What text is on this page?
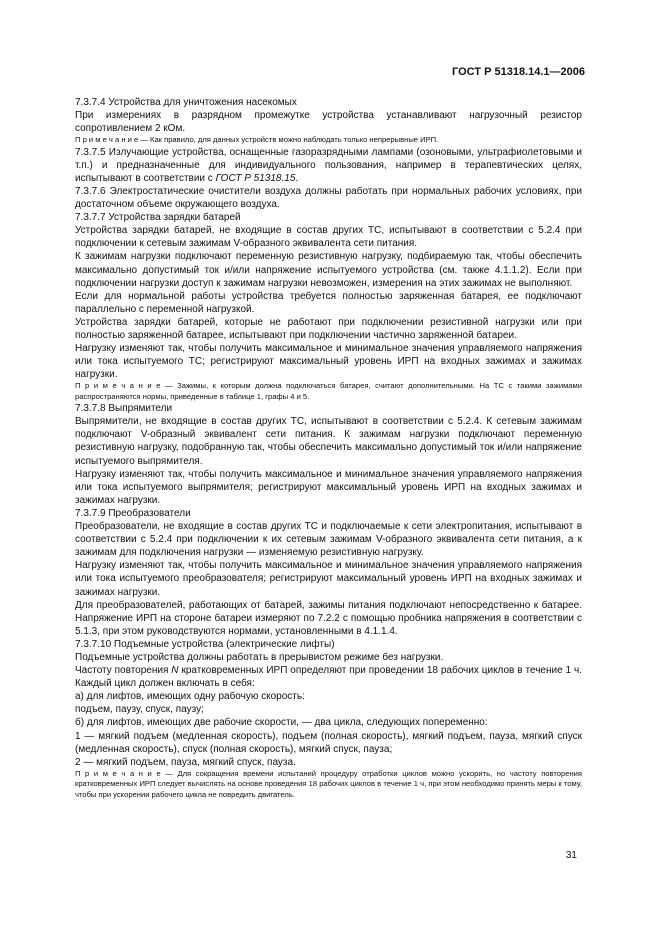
ГОСТ Р 51318.14.1—2006

7.3.7.4 Устройства для уничтожения насекомых

При измерениях в разрядном промежутке устройства устанавливают нагрузочный резистор сопротивлением 2 кОм.

П р и м е ч а н и е — Как правило, для данных устройств можно наблюдать только непрерывные ИРП.

7.3.7.5 Излучающие устройства, оснащенные газоразрядными лампами (озоновыми, ультрафиолетовыми и т.п.) и предназначенные для индивидуального пользования, например в терапевтических целях, испытывают в соответствии с ГОСТ Р 51318.15.

7.3.7.6 Электростатические очистители воздуха должны работать при нормальных рабочих условиях, при достаточном объеме окружающего воздуха.

7.3.7.7 Устройства зарядки батарей

Устройства зарядки батарей, не входящие в состав других ТС, испытывают в соответствии с 5.2.4 при подключении к сетевым зажимам V-образного эквивалента сети питания.

К зажимам нагрузки подключают переменную резистивную нагрузку, подбираемую так, чтобы обеспечить максимально допустимый ток и/или напряжение испытуемого устройства (см. также 4.1.1.2). Если при подключении нагрузки доступ к зажимам нагрузки невозможен, измерения на этих зажимах не выполняют.

Если для нормальной работы устройства требуется полностью заряженная батарея, ее подключают параллельно с переменной нагрузкой.

Устройства зарядки батарей, которые не работают при подключении резистивной нагрузки или при полностью заряженной батарее, испытывают при подключении частично заряженной батареи.

Нагрузку изменяют так, чтобы получить максимальное и минимальное значения управляемого напряжения или тока испытуемого ТС; регистрируют максимальный уровень ИРП на входных зажимах и зажимах нагрузки.

П р и м е ч а н и е — Зажимы, к которым должна подключаться батарея, считают дополнительными. На ТС с такими зажимами распространяются нормы, приведенные в таблице 1, графы 4 и 5.

7.3.7.8 Выпрямители

Выпрямители, не входящие в состав других ТС, испытывают в соответствии с 5.2.4. К сетевым зажимам подключают V-образный эквивалент сети питания. К зажимам нагрузки подключают переменную резистивную нагрузку, подобранную так, чтобы обеспечить максимально допустимый ток и/или напряжение испытуемого выпрямителя.

Нагрузку изменяют так, чтобы получить максимальное и минимальное значения управляемого напряжения или тока испытуемого выпрямителя; регистрируют максимальный уровень ИРП на входных зажимах и зажимах нагрузки.

7.3.7.9 Преобразователи

Преобразователи, не входящие в состав других ТС и подключаемые к сети электропитания, испытывают в соответствии с 5.2.4 при подключении к их сетевым зажимам V-образного эквивалента сети питания, а к зажимам для подключения нагрузки — изменяемую резистивную нагрузку.

Нагрузку изменяют так, чтобы получить максимальное и минимальное значения управляемого напряжения или тока испытуемого преобразователя; регистрируют максимальный уровень ИРП на входных зажимах и зажимах нагрузки.

Для преобразователей, работающих от батарей, зажимы питания подключают непосредственно к батарее. Напряжение ИРП на стороне батареи измеряют по 7.2.2 с помощью пробника напряжения в соответствии с 5.1.3, при этом руководствуются нормами, установленными в 4.1.1.4.

7.3.7.10 Подъемные устройства (электрические лифты)

Подъемные устройства должны работать в прерывистом режиме без нагрузки.

Частоту повторения N кратковременных ИРП определяют при проведении 18 рабочих циклов в течение 1 ч. Каждый цикл должен включать в себя:

а) для лифтов, имеющих одну рабочую скорость:

подъем, паузу, спуск, паузу;

б) для лифтов, имеющих две рабочие скорости, — два цикла, следующих попеременно:

1 — мягкий подъем (медленная скорость), подъем (полная скорость), мягкий подъем, пауза, мягкий спуск (медленная скорость), спуск (полная скорость), мягкий спуск, пауза;

2 — мягкий подъем, пауза, мягкий спуск, пауза.

П р и м е ч а н и е — Для сокращения времени испытаний процедуру отработки циклов можно ускорить, но частоту повторения кратковременных ИРП следует вычислять на основе проведения 18 рабочих циклов в течение 1 ч, при этом необходимо принять меры к тому, чтобы при ускорении рабочего цикла не повредить двигатель.

31
